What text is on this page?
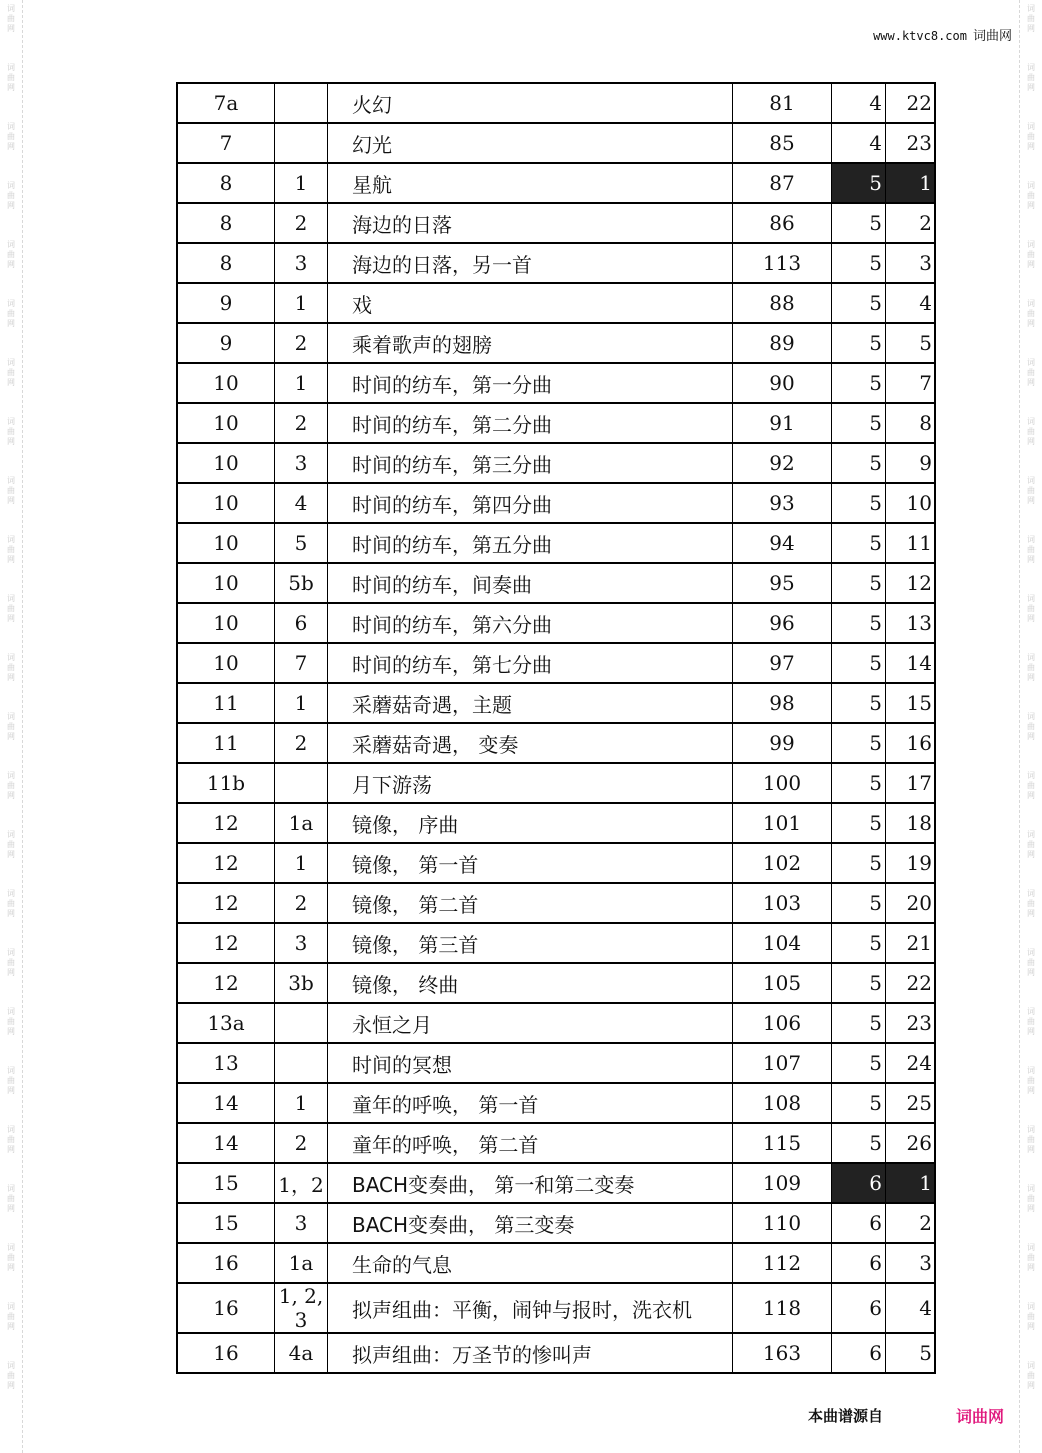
词
曲
网
词
曲
网
词
曲
网
词
曲
网
词
曲
网
词
曲
网
词
曲
网
词
曲
网
词
曲
网
词
曲
网
词
曲
网
词
曲
网
词
曲
网
词
曲
网
词
曲
网
词
曲
网
词
曲
网
词
曲
网
词
曲
网
词
曲
网
词
曲
网
词
曲
网
词
曲
网
词
曲
网
词
曲
网
词
曲
网
词
曲
网
词
曲
网
词
曲
网
词
曲
网
词
曲
网
词
曲
网
词
曲
网
词
曲
网
词
曲
网
词
曲
网
词
曲
网
词
曲
网
词
曲
网
词
曲
网
词
曲
网
词
曲
网
词
曲
网
词
曲
网
词
曲
网
词
曲
网
词
曲
网
词
曲
网
www.ktvc8.com 词曲网
7a		火幻	81	4	22
7		幻光	85	4	23
8	1	星航	87	5	1
8	2	海边的日落	86	5	2
8	3	海边的日落，另一首	113	5	3
9	1	戏	88	5	4
9	2	乘着歌声的翅膀	89	5	5
10	1	时间的纺车，第一分曲	90	5	7
10	2	时间的纺车，第二分曲	91	5	8
10	3	时间的纺车，第三分曲	92	5	9
10	4	时间的纺车，第四分曲	93	5	10
10	5	时间的纺车，第五分曲	94	5	11
10	5b	时间的纺车，间奏曲	95	5	12
10	6	时间的纺车，第六分曲	96	5	13
10	7	时间的纺车，第七分曲	97	5	14
11	1	采蘑菇奇遇，主题	98	5	15
11	2	采蘑菇奇遇， 变奏	99	5	16
11b		月下游荡	100	5	17
12	1a	镜像， 序曲	101	5	18
12	1	镜像， 第一首	102	5	19
12	2	镜像， 第二首	103	5	20
12	3	镜像， 第三首	104	5	21
12	3b	镜像， 终曲	105	5	22
13a		永恒之月	106	5	23
13		时间的冥想	107	5	24
14	1	童年的呼唤， 第一首	108	5	25
14	2	童年的呼唤， 第二首	115	5	26
15	1，2	BACH变奏曲， 第一和第二变奏	109	6	1
15	3	BACH变奏曲， 第三变奏	110	6	2
16	1a	生命的气息	112	6	3
16	1, 2, 3	拟声组曲：平衡，闹钟与报时，洗衣机	118	6	4
16	4a	拟声组曲：万圣节的惨叫声	163	6	5
本曲谱源自	词曲网
